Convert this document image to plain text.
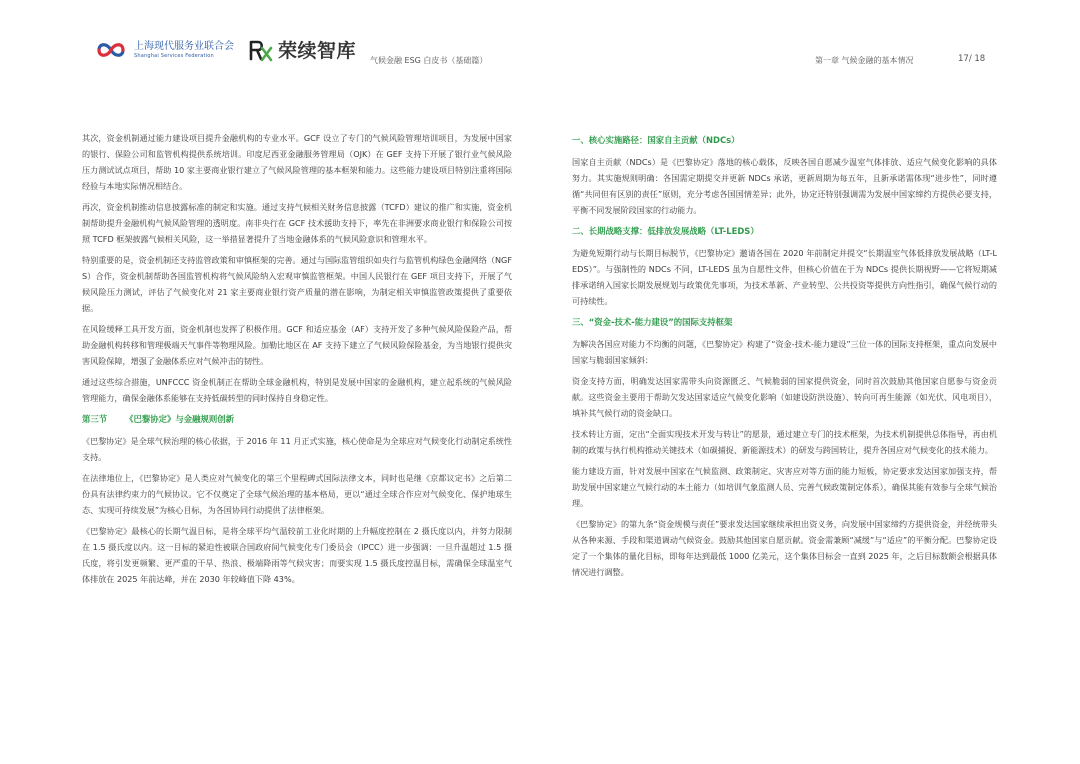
上海现代服务业联合会
Shanghai Services Federation	荣续智库 气候金融 ESG 白皮书（基础篇）	第一章 气候金融的基本情况	17/ 18

其次，资金机制通过能力建设项目提升金融机构的专业水平。GCF 设立了专门的气候风险管理培训项目，为发展中国家的银行、保险公司和监管机构提供系统培训。印度尼西亚金融服务管理局（OJK）在 GEF 支持下开展了银行业气候风险压力测试试点项目，帮助 10 家主要商业银行建立了气候风险管理的基本框架和能力。这些能力建设项目特别注重将国际经验与本地实际情况相结合。

再次，资金机制推动信息披露标准的制定和实施。通过支持气候相关财务信息披露（TCFD）建议的推广和实施，资金机制帮助提升金融机构气候风险管理的透明度。南非央行在 GCF 技术援助支持下，率先在非洲要求商业银行和保险公司按照 TCFD 框架披露气候相关风险，这一举措显著提升了当地金融体系的气候风险意识和管理水平。

特别重要的是，资金机制还支持监管政策和审慎框架的完善。通过与国际监管组织如央行与监管机构绿色金融网络（NGFS）合作，资金机制帮助各国监管机构将气候风险纳入宏观审慎监管框架。中国人民银行在 GEF 项目支持下，开展了气候风险压力测试，评估了气候变化对 21 家主要商业银行资产质量的潜在影响，为制定相关审慎监管政策提供了重要依据。

在风险缓释工具开发方面，资金机制也发挥了积极作用。GCF 和适应基金（AF）支持开发了多种气候风险保险产品，帮助金融机构转移和管理极端天气事件等物理风险。加勒比地区在 AF 支持下建立了气候风险保险基金，为当地银行提供灾害风险保障，增强了金融体系应对气候冲击的韧性。

通过这些综合措施，UNFCCC 资金机制正在帮助全球金融机构，特别是发展中国家的金融机构，建立起系统的气候风险管理能力，确保金融体系能够在支持低碳转型的同时保持自身稳定性。

第三节 《巴黎协定》与金融规则创新

《巴黎协定》是全球气候治理的核心依据，于 2016 年 11 月正式实施，核心使命是为全球应对气候变化行动制定系统性支持。

在法律地位上，《巴黎协定》是人类应对气候变化的第三个里程碑式国际法律文本，同时也是继《京都议定书》之后第二份具有法律约束力的气候协议。它不仅奠定了全球气候治理的基本格局，更以“通过全球合作应对气候变化、保护地球生态、实现可持续发展”为核心目标，为各国协同行动提供了法律框架。

《巴黎协定》最核心的长期气温目标，是将全球平均气温较前工业化时期的上升幅度控制在 2 摄氏度以内，并努力限制在 1.5 摄氏度以内。这一目标的紧迫性被联合国政府间气候变化专门委员会（IPCC）进一步强调：一旦升温超过 1.5 摄氏度，将引发更频繁、更严重的干旱、热浪、极端降雨等气候灾害；而要实现 1.5 摄氏度控温目标，需确保全球温室气体排放在 2025 年前达峰，并在 2030 年较峰值下降 43%。

一、核心实施路径：国家自主贡献（NDCs）

国家自主贡献（NDCs）是《巴黎协定》落地的核心载体，反映各国自愿减少温室气体排放、适应气候变化影响的具体努力。其实施规则明确：各国需定期提交并更新 NDCs 承诺，更新周期为每五年，且新承诺需体现“进步性”，同时遵循“共同但有区别的责任”原则，充分考虑各国国情差异；此外，协定还特别强调需为发展中国家缔约方提供必要支持，平衡不同发展阶段国家的行动能力。

二、长期战略支撑：低排放发展战略（LT-LEDS）

为避免短期行动与长期目标脱节，《巴黎协定》邀请各国在 2020 年前制定并提交“长期温室气体低排放发展战略（LT-LEDS）”。与强制性的 NDCs 不同，LT-LEDS 虽为自愿性文件，但核心价值在于为 NDCs 提供长期视野——它将短期减排承诺纳入国家长期发展规划与政策优先事项，为技术革新、产业转型、公共投资等提供方向性指引，确保气候行动的可持续性。

三、“资金-技术-能力建设”的国际支持框架

为解决各国应对能力不均衡的问题，《巴黎协定》构建了“资金-技术-能力建设”三位一体的国际支持框架，重点向发展中国家与脆弱国家倾斜：

资金支持方面，明确发达国家需带头向资源匮乏、气候脆弱的国家提供资金，同时首次鼓励其他国家自愿参与资金贡献。这些资金主要用于帮助欠发达国家适应气候变化影响（如建设防洪设施）、转向可再生能源（如光伏、风电项目），填补其气候行动的资金缺口。

技术转让方面，定出“全面实现技术开发与转让”的愿景，通过建立专门的技术框架，为技术机制提供总体指导，再由机制的政策与执行机构推动关键技术（如碳捕捉、新能源技术）的研发与跨国转让，提升各国应对气候变化的技术能力。

能力建设方面，针对发展中国家在气候监测、政策制定、灾害应对等方面的能力短板，协定要求发达国家加强支持，帮助发展中国家建立气候行动的本土能力（如培训气象监测人员、完善气候政策制定体系），确保其能有效参与全球气候治理。

《巴黎协定》的第九条“资金规模与责任”要求发达国家继续承担出资义务，向发展中国家缔约方提供资金，并经统带头从各种来源、手段和渠道调动气候资金。鼓励其他国家自愿贡献。资金需兼顾“减缓”与“适应”的平衡分配。巴黎协定设定了一个集体的量化目标，即每年达到最低 1000 亿美元，这个集体目标会一直到 2025 年，之后目标数额会根据具体情况进行调整。
